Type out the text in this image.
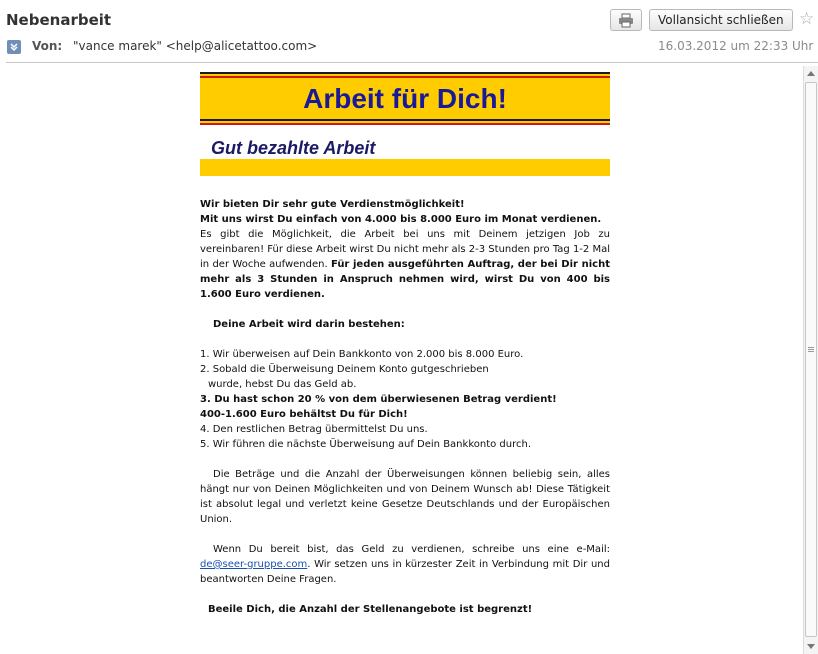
Nebenarbeit	Vollansicht schließen ☆
Von: "vance marek" <help@alicetattoo.com>	16.03.2012 um 22:33 Uhr
Arbeit für Dich!
Gut bezahlte Arbeit

Wir bieten Dir sehr gute Verdienstmöglichkeit!

Mit uns wirst Du einfach von 4.000 bis 8.000 Euro im Monat verdienen.

Es gibt die Möglichkeit, die Arbeit bei uns mit Deinem jetzigen Job zu vereinbaren! Für diese Arbeit wirst Du nicht mehr als 2-3 Stunden pro Tag 1-2 Mal in der Woche aufwenden. Für jeden ausgeführten Auftrag, der bei Dir nicht mehr als 3 Stunden in Anspruch nehmen wird, wirst Du von 400 bis 1.600 Euro verdienen.

Deine Arbeit wird darin bestehen:

1. Wir überweisen auf Dein Bankkonto von 2.000 bis 8.000 Euro.

2. Sobald die Überweisung Deinem Konto gutgeschrieben

wurde, hebst Du das Geld ab.

3. Du hast schon 20 % von dem überwiesenen Betrag verdient!

400-1.600 Euro behältst Du für Dich!

4. Den restlichen Betrag übermittelst Du uns.

5. Wir führen die nächste Überweisung auf Dein Bankkonto durch.

Die Beträge und die Anzahl der Überweisungen können beliebig sein, alles hängt nur von Deinen Möglichkeiten und von Deinem Wunsch ab! Diese Tätigkeit ist absolut legal und verletzt keine Gesetze Deutschlands und der Europäischen Union.

Wenn Du bereit bist, das Geld zu verdienen, schreibe uns eine e-Mail: de@seer-gruppe.com. Wir setzen uns in kürzester Zeit in Verbindung mit Dir und beantworten Deine Fragen.

Beeile Dich, die Anzahl der Stellenangebote ist begrenzt!
